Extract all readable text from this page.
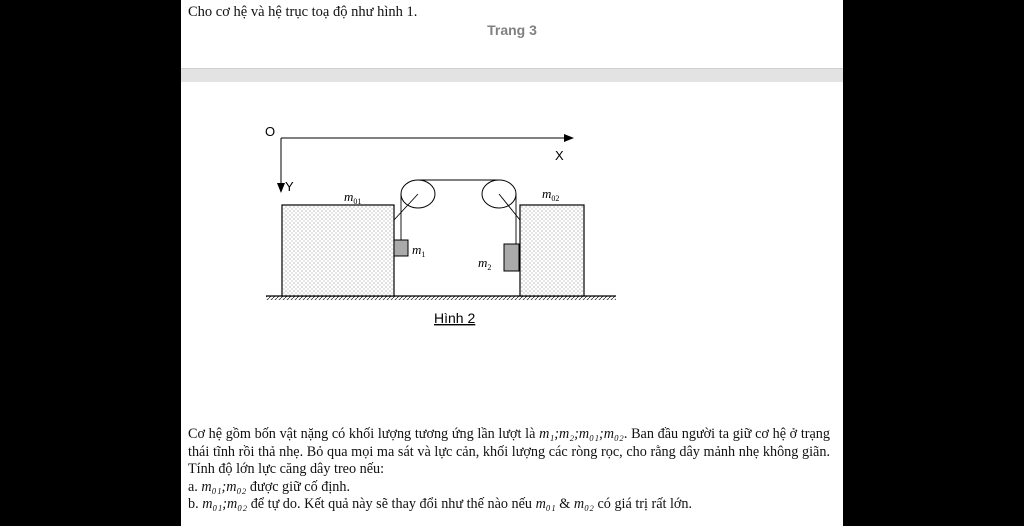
Cho cơ hệ và hệ trục toạ độ như hình 1.
Trang 3
O
X
Y
$m_{01}$
$m_{02}$
$m_1$
$m_2$
Hình 2

Cơ hệ gồm bốn vật nặng có khối lượng tương ứng lần lượt là m₁;m₂;m₀₁;m₀₂. Ban đầu người ta giữ cơ hệ ở trạng thái tĩnh rồi thả nhẹ. Bỏ qua mọi ma sát và lực cản, khối lượng các ròng rọc, cho rằng dây mảnh nhẹ không giãn. Tính độ lớn lực căng dây treo nếu:

a. m₀₁;m₀₂ được giữ cố định.

b. m₀₁;m₀₂ để tự do. Kết quả này sẽ thay đổi như thế nào nếu m₀₁ & m₀₂ có giá trị rất lớn.
